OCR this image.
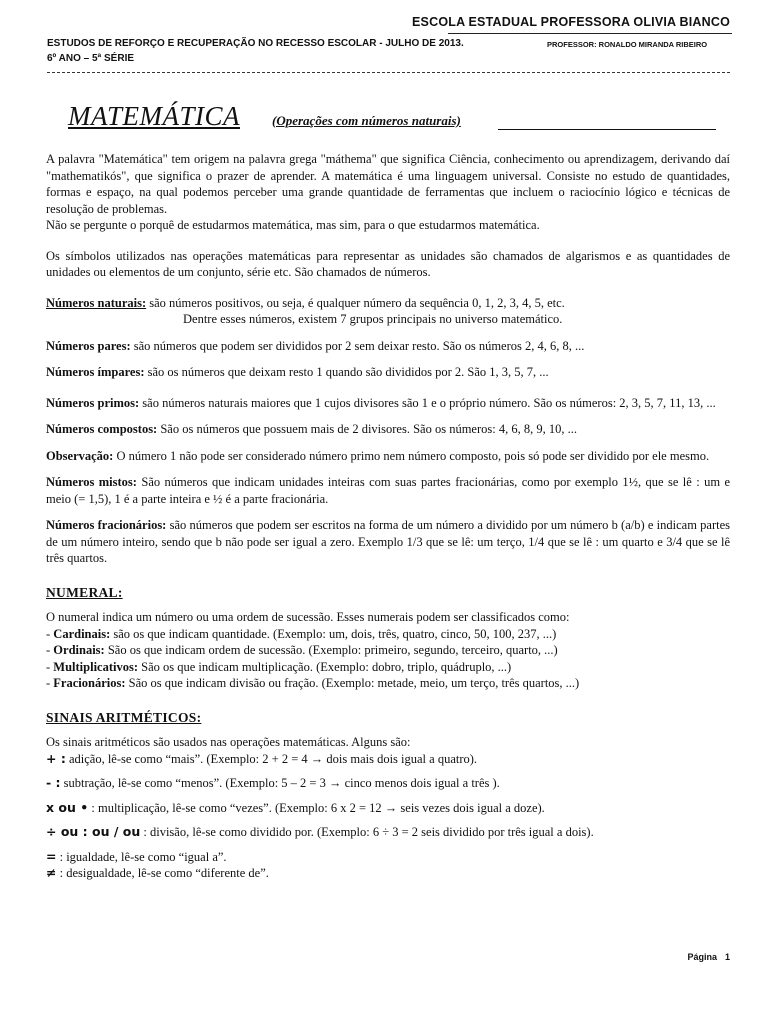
ESCOLA ESTADUAL PROFESSORA OLIVIA BIANCO
ESTUDOS DE REFORÇO E RECUPERAÇÃO NO RECESSO ESCOLAR - JULHO DE 2013.	PROFESSOR: RONALDO MIRANDA RIBEIRO
6º ANO – 5ª SÉRIE
MATEMÁTICA (Operações com números naturais)

A palavra "Matemática" tem origem na palavra grega "máthema" que significa Ciência, conhecimento ou aprendizagem, derivando daí "mathematikós", que significa o prazer de aprender. A matemática é uma linguagem universal. Consiste no estudo de quantidades, formas e espaço, na qual podemos perceber uma grande quantidade de ferramentas que incluem o raciocínio lógico e técnicas de resolução de problemas.

Não se pergunte o porquê de estudarmos matemática, mas sim, para o que estudarmos matemática.

Os símbolos utilizados nas operações matemáticas para representar as unidades são chamados de algarismos e as quantidades de unidades ou elementos de um conjunto, série etc. São chamados de números.

Números naturais: são números positivos, ou seja, é qualquer número da sequência 0, 1, 2, 3, 4, 5, etc.

Dentre esses números, existem 7 grupos principais no universo matemático.

Números pares: são números que podem ser divididos por 2 sem deixar resto. São os números 2, 4, 6, 8, ...

Números ímpares: são os números que deixam resto 1 quando são divididos por 2. São 1, 3, 5, 7, ...

Números primos: são números naturais maiores que 1 cujos divisores são 1 e o próprio número. São os números: 2, 3, 5, 7, 11, 13, ...

Números compostos: São os números que possuem mais de 2 divisores. São os números: 4, 6, 8, 9, 10, ...

Observação: O número 1 não pode ser considerado número primo nem número composto, pois só pode ser dividido por ele mesmo.

Números mistos: São números que indicam unidades inteiras com suas partes fracionárias, como por exemplo 1½, que se lê : um e meio (= 1,5), 1 é a parte inteira e ½ é a parte fracionária.

Números fracionários: são números que podem ser escritos na forma de um número a dividido por um número b (a/b) e indicam partes de um número inteiro, sendo que b não pode ser igual a zero. Exemplo 1/3 que se lê: um terço, 1/4 que se lê : um quarto e 3/4 que se lê três quartos.

NUMERAL:

O numeral indica um número ou uma ordem de sucessão. Esses numerais podem ser classificados como:

- Cardinais: são os que indicam quantidade. (Exemplo: um, dois, três, quatro, cinco, 50, 100, 237, ...)

- Ordinais: São os que indicam ordem de sucessão. (Exemplo: primeiro, segundo, terceiro, quarto, ...)

- Multiplicativos: São os que indicam multiplicação. (Exemplo: dobro, triplo, quádruplo, ...)

- Fracionários: São os que indicam divisão ou fração. (Exemplo: metade, meio, um terço, três quartos, ...)

SINAIS ARITMÉTICOS:

Os sinais aritméticos são usados nas operações matemáticas. Alguns são:

+ : adição, lê-se como “mais”. (Exemplo: 2 + 2 = 4 → dois mais dois igual a quatro).

- : subtração, lê-se como “menos”. (Exemplo: 5 – 2 = 3 → cinco menos dois igual a três ).

x ou • : multiplicação, lê-se como “vezes”. (Exemplo: 6 x 2 = 12 → seis vezes dois igual a doze).

÷ ou : ou / ou : divisão, lê-se como dividido por. (Exemplo: 6 ÷ 3 = 2 seis dividido por três igual a dois).

= : igualdade, lê-se como “igual a”.

≠ : desigualdade, lê-se como “diferente de”.

Página 1
